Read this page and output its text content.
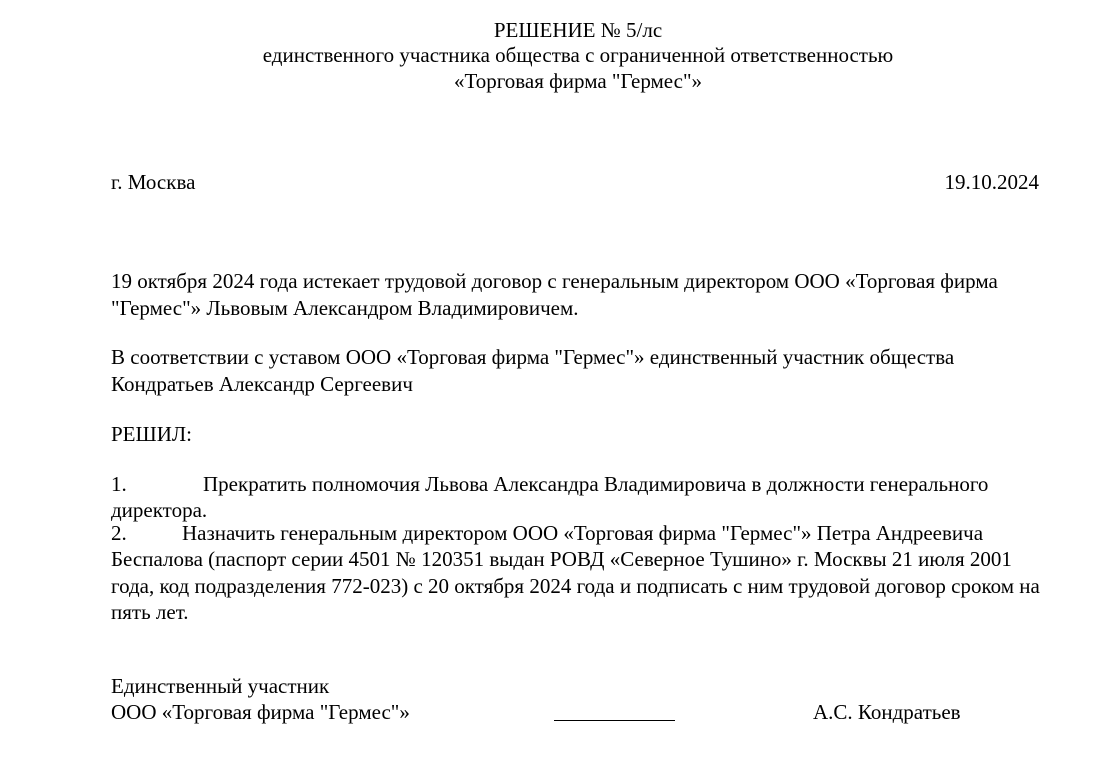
РЕШЕНИЕ № 5/лс
единственного участника общества с ограниченной ответственностью
«Торговая фирма "Гермес"»
г. Москва	19.10.2024
19 октября 2024 года истекает трудовой договор с генеральным директором ООО «Торговая фирма "Гермес"» Львовым Александром Владимировичем.
В соответствии с уставом ООО «Торговая фирма "Гермес"» единственный участник общества Кондратьев Александр Сергеевич
РЕШИЛ:
1.	Прекратить полномочия Львова Александра Владимировича в должности генерального
директора.
2.	Назначить генеральным директором ООО «Торговая фирма "Гермес"» Петра Андреевича
Беспалова (паспорт серии 4501 № 120351 выдан РОВД «Северное Тушино» г. Москвы 21 июля 2001 года, код подразделения 772-023) с 20 октября 2024 года и подписать с ним трудовой договор сроком на пять лет.
Единственный участник
ООО «Торговая фирма "Гермес"»	А.С. Кондратьев
